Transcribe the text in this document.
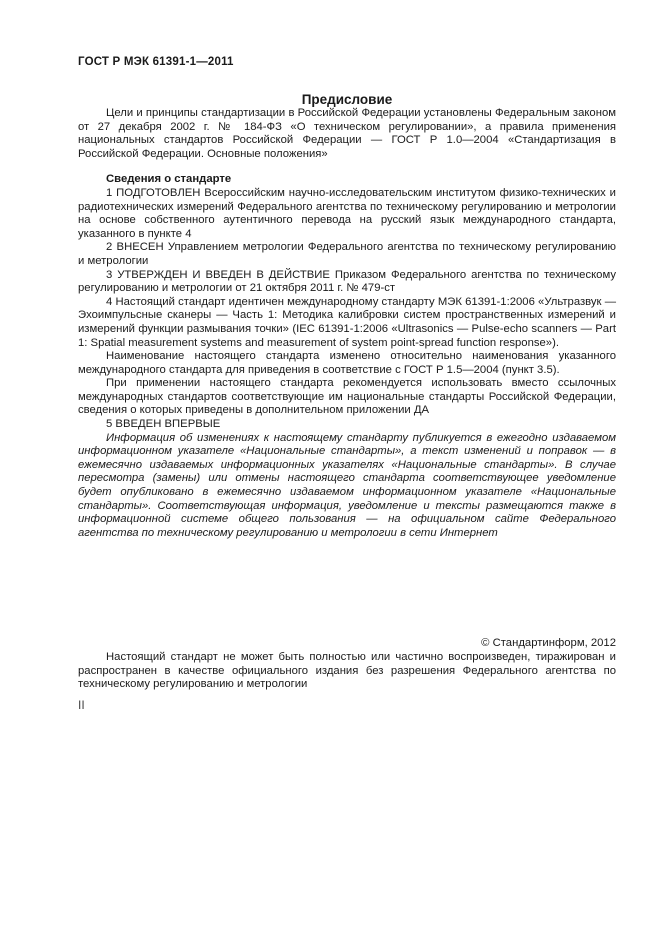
ГОСТ Р МЭК 61391-1—2011
Предисловие

Цели и принципы стандартизации в Российской Федерации установлены Федеральным законом от 27 декабря 2002 г. № 184-ФЗ «О техническом регулировании», а правила применения национальных стандартов Российской Федерации — ГОСТ Р 1.0—2004 «Стандартизация в Российской Федерации. Основные положения»

Сведения о стандарте

1 ПОДГОТОВЛЕН Всероссийским научно-исследовательским институтом физико-технических и радиотехнических измерений Федерального агентства по техническому регулированию и метрологии на основе собственного аутентичного перевода на русский язык международного стандарта, указанного в пункте 4

2 ВНЕСЕН Управлением метрологии Федерального агентства по техническому регулированию и метрологии

3 УТВЕРЖДЕН И ВВЕДЕН В ДЕЙСТВИЕ Приказом Федерального агентства по техническому регулированию и метрологии от 21 октября 2011 г. № 479-ст

4 Настоящий стандарт идентичен международному стандарту МЭК 61391-1:2006 «Ультразвук — Эхоимпульсные сканеры — Часть 1: Методика калибровки систем пространственных измерений и измерений функции размывания точки» (IEC 61391-1:2006 «Ultrasonics — Pulse-echo scanners — Part 1: Spatial measurement systems and measurement of system point-spread function response»).

Наименование настоящего стандарта изменено относительно наименования указанного международного стандарта для приведения в соответствие с ГОСТ Р 1.5—2004 (пункт 3.5).

При применении настоящего стандарта рекомендуется использовать вместо ссылочных международных стандартов соответствующие им национальные стандарты Российской Федерации, сведения о которых приведены в дополнительном приложении ДА

5 ВВЕДЕН ВПЕРВЫЕ

Информация об изменениях к настоящему стандарту публикуется в ежегодно издаваемом информационном указателе «Национальные стандарты», а текст изменений и поправок — в ежемесячно издаваемых информационных указателях «Национальные стандарты». В случае пересмотра (замены) или отмены настоящего стандарта соответствующее уведомление будет опубликовано в ежемесячно издаваемом информационном указателе «Национальные стандарты». Соответствующая информация, уведомление и тексты размещаются также в информационной системе общего пользования — на официальном сайте Федерального агентства по техническому регулированию и метрологии в сети Интернет

© Стандартинформ, 2012

Настоящий стандарт не может быть полностью или частично воспроизведен, тиражирован и распространен в качестве официального издания без разрешения Федерального агентства по техническому регулированию и метрологии

II
